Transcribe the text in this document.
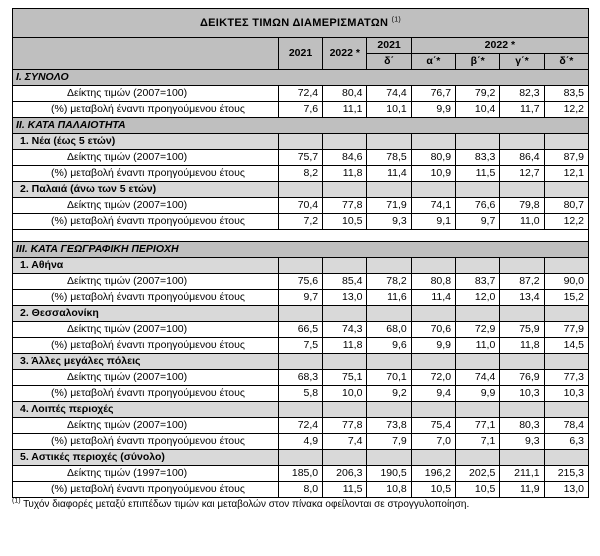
ΔΕΙΚΤΕΣ ΤΙΜΩΝ ΔΙΑΜΕΡΙΣΜΑΤΩΝ $^{(1)}$
	2021	2022 *	2021	2022 *			
			δ΄	α΄*	β΄*	γ΄*	δ΄*
I. ΣΥΝΟΛΟ							
Δείκτης τιμών (2007=100)	72,4	80,4	74,4	76,7	79,2	82,3	83,5
(%) μεταβολή έναντι προηγούμενου έτους	7,6	11,1	10,1	9,9	10,4	11,7	12,2
II. ΚΑΤΑ ΠΑΛΑΙΟΤΗΤΑ							
1. Νέα (έως 5 ετών)							
Δείκτης τιμών (2007=100)	75,7	84,6	78,5	80,9	83,3	86,4	87,9
(%) μεταβολή έναντι προηγούμενου έτους	8,2	11,8	11,4	10,9	11,5	12,7	12,1
2. Παλαιά (άνω των 5 ετών)							
Δείκτης τιμών (2007=100)	70,4	77,8	71,9	74,1	76,6	79,8	80,7
(%) μεταβολή έναντι προηγούμενου έτους	7,2	10,5	9,3	9,1	9,7	11,0	12,2

III. ΚΑΤΑ ΓΕΩΓΡΑΦΙΚΗ ΠΕΡΙΟΧΗ							
1. Αθήνα							
Δείκτης τιμών (2007=100)	75,6	85,4	78,2	80,8	83,7	87,2	90,0
(%) μεταβολή έναντι προηγούμενου έτους	9,7	13,0	11,6	11,4	12,0	13,4	15,2
2. Θεσσαλονίκη							
Δείκτης τιμών (2007=100)	66,5	74,3	68,0	70,6	72,9	75,9	77,9
(%) μεταβολή έναντι προηγούμενου έτους	7,5	11,8	9,6	9,9	11,0	11,8	14,5
3. Άλλες μεγάλες πόλεις							
Δείκτης τιμών (2007=100)	68,3	75,1	70,1	72,0	74,4	76,9	77,3
(%) μεταβολή έναντι προηγούμενου έτους	5,8	10,0	9,2	9,4	9,9	10,3	10,3
4. Λοιπές περιοχές							
Δείκτης τιμών (2007=100)	72,4	77,8	73,8	75,4	77,1	80,3	78,4
(%) μεταβολή έναντι προηγούμενου έτους	4,9	7,4	7,9	7,0	7,1	9,3	6,3
5. Αστικές περιοχές (σύνολο)							
Δείκτης τιμών (1997=100)	185,0	206,3	190,5	196,2	202,5	211,1	215,3
(%) μεταβολή έναντι προηγούμενου έτους	8,0	11,5	10,8	10,5	10,5	11,9	13,0
$^{(1)}$ Τυχόν διαφορές μεταξύ επιπέδων τιμών και μεταβολών στον πίνακα οφείλονται σε στρογγυλοποίηση.
